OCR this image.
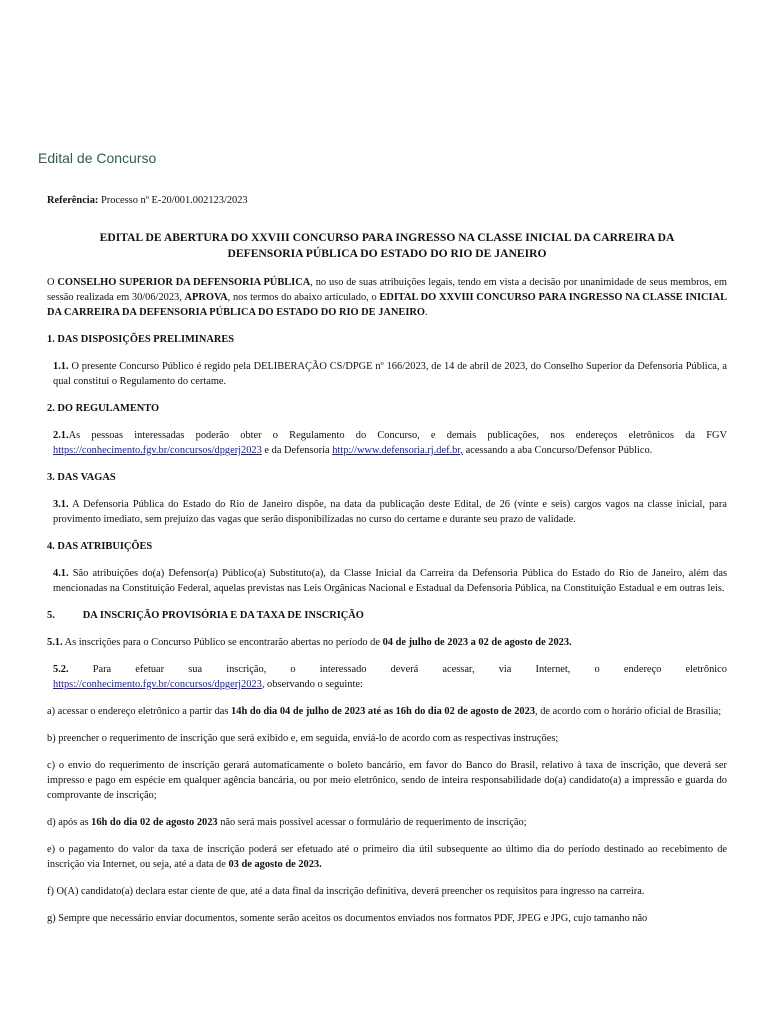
Edital de Concurso

Referência: Processo nº E-20/001.002123/2023

EDITAL DE ABERTURA DO XXVIII CONCURSO PARA INGRESSO NA CLASSE INICIAL DA CARREIRA DA
DEFENSORIA PÚBLICA DO ESTADO DO RIO DE JANEIRO

O CONSELHO SUPERIOR DA DEFENSORIA PÚBLICA, no uso de suas atribuições legais, tendo em vista a decisão por unanimidade de seus membros, em sessão realizada em 30/06/2023, APROVA, nos termos do abaixo articulado, o EDITAL DO XXVIII CONCURSO PARA INGRESSO NA CLASSE INICIAL DA CARREIRA DA DEFENSORIA PÚBLICA DO ESTADO DO RIO DE JANEIRO.

1. DAS DISPOSIÇÕES PRELIMINARES

1.1. O presente Concurso Público é regido pela DELIBERAÇÃO CS/DPGE nº 166/2023, de 14 de abril de 2023, do Conselho Superior da Defensoria Pública, a qual constitui o Regulamento do certame.

2. DO REGULAMENTO

2.1.As pessoas interessadas poderão obter o Regulamento do Concurso, e demais publicações, nos endereços eletrônicos da FGV https://conhecimento.fgv.br/concursos/dpgerj2023 e da Defensoria http://www.defensoria.rj.def.br, acessando a aba Concurso/Defensor Público.

3. DAS VAGAS

3.1. A Defensoria Pública do Estado do Rio de Janeiro dispõe, na data da publicação deste Edital, de 26 (vinte e seis) cargos vagos na classe inicial, para provimento imediato, sem prejuízo das vagas que serão disponibilizadas no curso do certame e durante seu prazo de validade.

4. DAS ATRIBUIÇÕES

4.1. São atribuições do(a) Defensor(a) Público(a) Substituto(a), da Classe Inicial da Carreira da Defensoria Pública do Estado do Rio de Janeiro, além das mencionadas na Constituição Federal, aquelas previstas nas Leis Orgânicas Nacional e Estadual da Defensoria Pública, na Constituição Estadual e em outras leis.

5.	DA INSCRIÇÃO PROVISÓRIA E DA TAXA DE INSCRIÇÃO

5.1. As inscrições para o Concurso Público se encontrarão abertas no período de 04 de julho de 2023 a 02 de agosto de 2023.

5.2. Para efetuar sua inscrição, o interessado deverá acessar, via Internet, o endereço eletrônico
https://conhecimento.fgv.br/concursos/dpgerj2023, observando o seguinte:

a) acessar o endereço eletrônico a partir das 14h do dia 04 de julho de 2023 até as 16h do dia 02 de agosto de 2023, de acordo com o horário oficial de Brasília;

b) preencher o requerimento de inscrição que será exibido e, em seguida, enviá-lo de acordo com as respectivas instruções;

c) o envio do requerimento de inscrição gerará automaticamente o boleto bancário, em favor do Banco do Brasil, relativo à taxa de inscrição, que deverá ser impresso e pago em espécie em qualquer agência bancária, ou por meio eletrônico, sendo de inteira responsabilidade do(a) candidato(a) a impressão e guarda do comprovante de inscrição;

d) após as 16h do dia 02 de agosto 2023 não será mais possível acessar o formulário de requerimento de inscrição;

e) o pagamento do valor da taxa de inscrição poderá ser efetuado até o primeiro dia útil subsequente ao último dia do período destinado ao recebimento de inscrição via Internet, ou seja, até a data de 03 de agosto de 2023.

f) O(A) candidato(a) declara estar ciente de que, até a data final da inscrição definitiva, deverá preencher os requisitos para ingresso na carreira.

g) Sempre que necessário enviar documentos, somente serão aceitos os documentos enviados nos formatos PDF, JPEG e JPG, cujo tamanho não
